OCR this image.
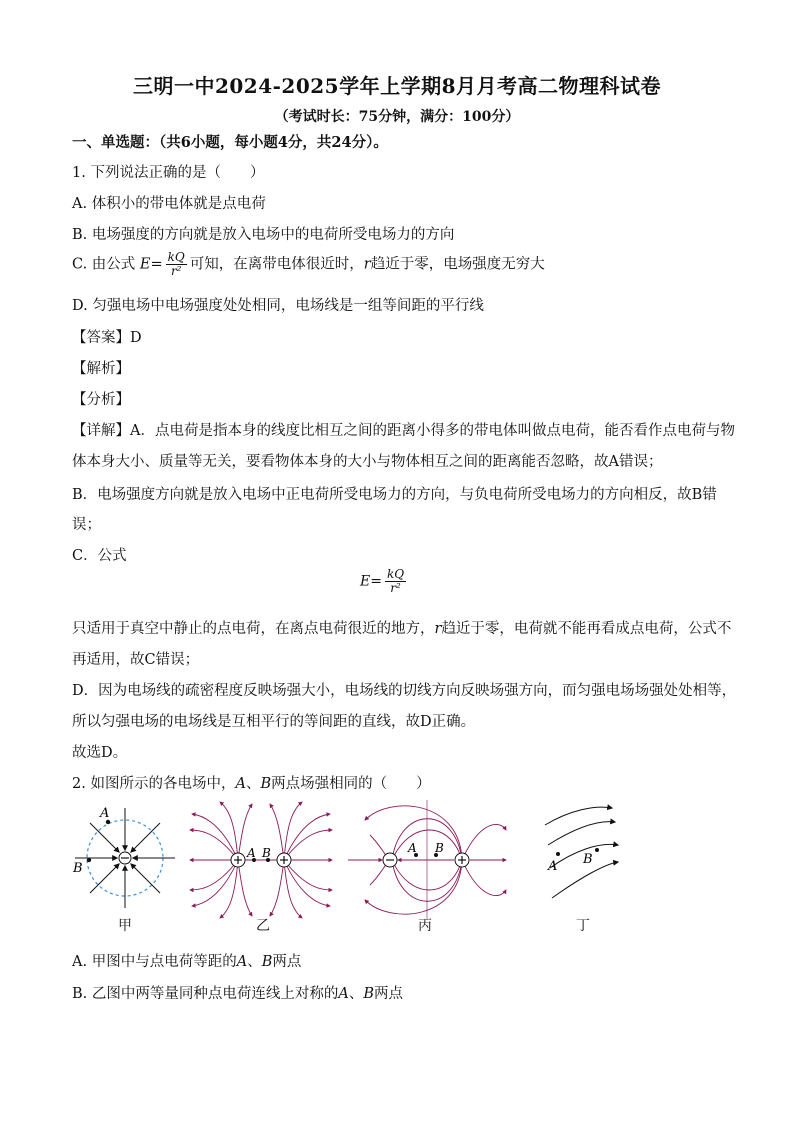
三明一中2024-2025学年上学期8月月考高二物理科试卷
（考试时长：75分钟，满分：100分）
一、单选题：（共6小题，每小题4分，共24分）。
1. 下列说法正确的是（　　）
A. 体积小的带电体就是点电荷
B. 电场强度的方向就是放入电场中的电荷所受电场力的方向
C. 由公式 $E= \frac{kQ}{\text{r²}}$ 可知，在离带电体很近时，r趋近于零，电场强度无穷大
D. 匀强电场中电场强度处处相同，电场线是一组等间距的平行线
【答案】D
【解析】
【分析】
【详解】A．点电荷是指本身的线度比相互之间的距离小得多的带电体叫做点电荷，能否看作点电荷与物
体本身大小、质量等无关，要看物体本身的大小与物体相互之间的距离能否忽略，故A错误；
B．电场强度方向就是放入电场中正电荷所受电场力的方向，与负电荷所受电场力的方向相反，故B错
误；
C．公式
$E= \frac{kQ}{\text{r²}}$
只适用于真空中静止的点电荷，在离点电荷很近的地方，r趋近于零，电荷就不能再看成点电荷，公式不
再适用，故C错误；
D．因为电场线的疏密程度反映场强大小，电场线的切线方向反映场强方向，而匀强电场场强处处相等，
所以匀强电场的电场线是互相平行的等间距的直线，故D正确。
故选D。
2. 如图所示的各电场中，A、B两点场强相同的（　　）
A
B
A B	A B
A B
甲	乙	丙	丁
A. 甲图中与点电荷等距的A、B两点
B. 乙图中两等量同种点电荷连线上对称的A、B两点
